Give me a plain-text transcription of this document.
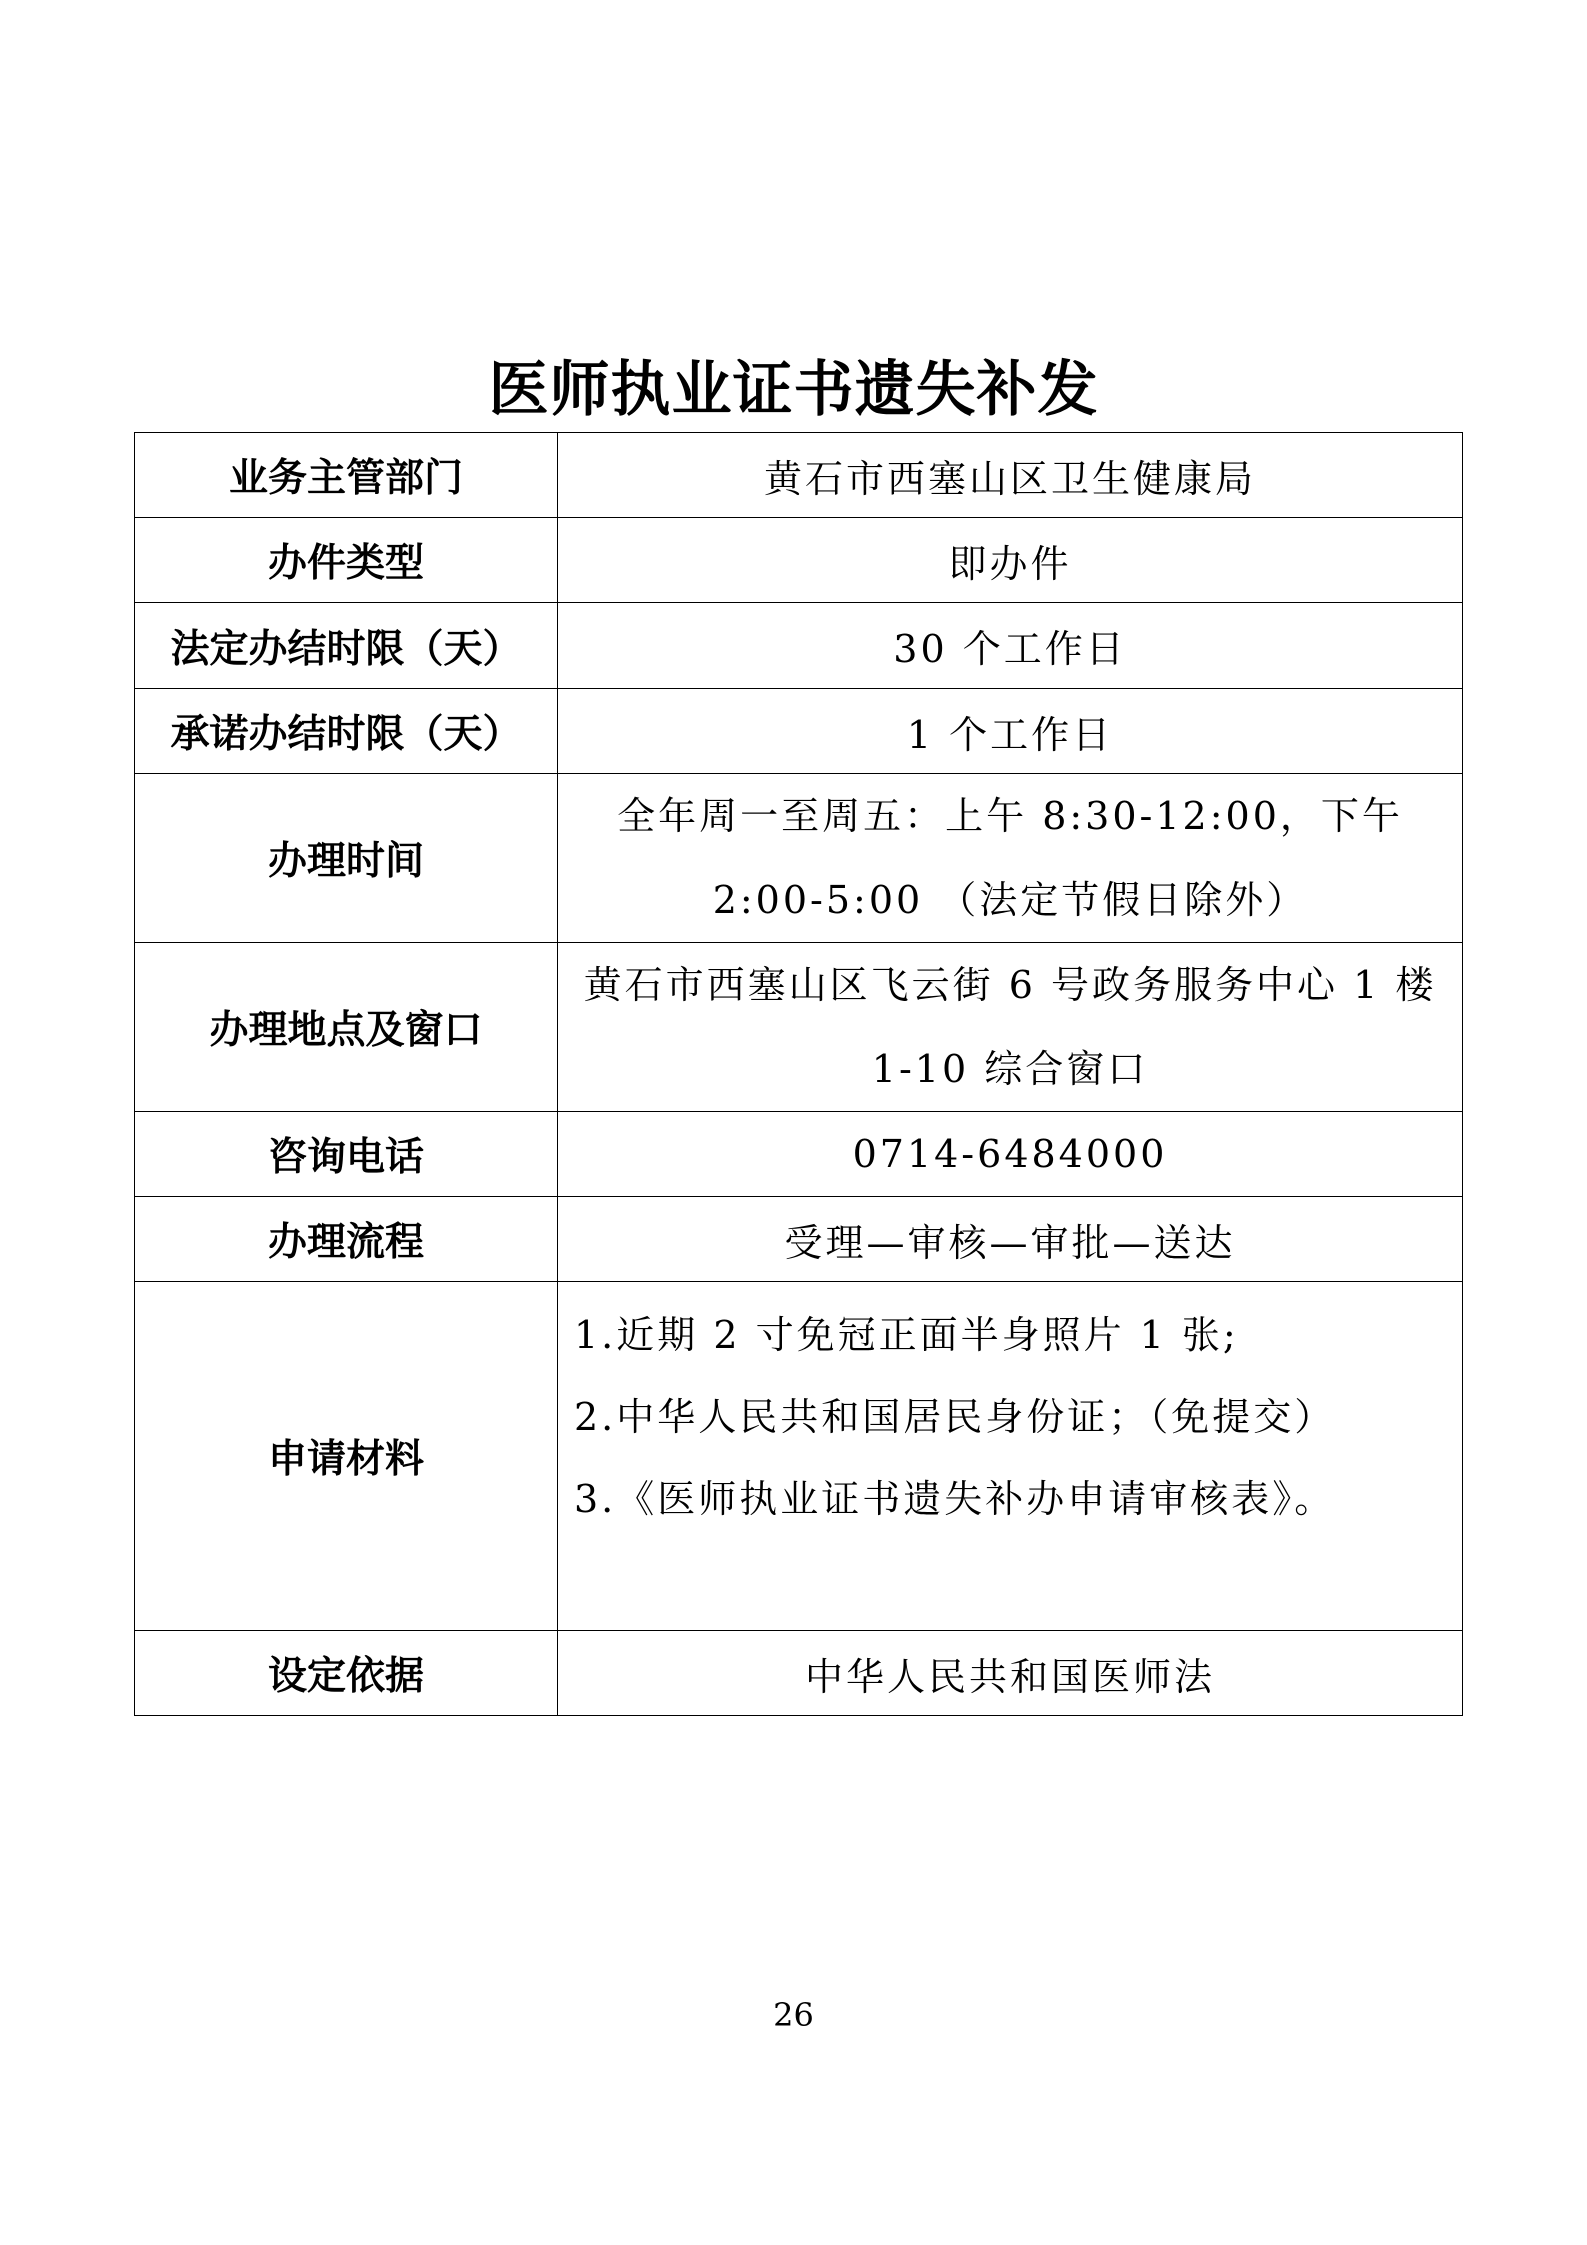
医师执业证书遗失补发
业务主管部门	黄石市西塞山区卫生健康局
办件类型	即办件
法定办结时限（天）	30 个工作日
承诺办结时限（天）	1 个工作日
办理时间	全年周一至周五：上午 8:30-12:00，下午
2:00-5:00 （法定节假日除外）

办理地点及窗口	黄石市西塞山区飞云街 6 号政务服务中心 1 楼
1-10 综合窗口

咨询电话	0714-6484000
办理流程	受理—审核—审批—送达
申请材料	1.近期 2 寸免冠正面半身照片 1 张;
2.中华人民共和国居民身份证；（免提交）
3.《医师执业证书遗失补办申请审核表》。

设定依据	中华人民共和国医师法
26
